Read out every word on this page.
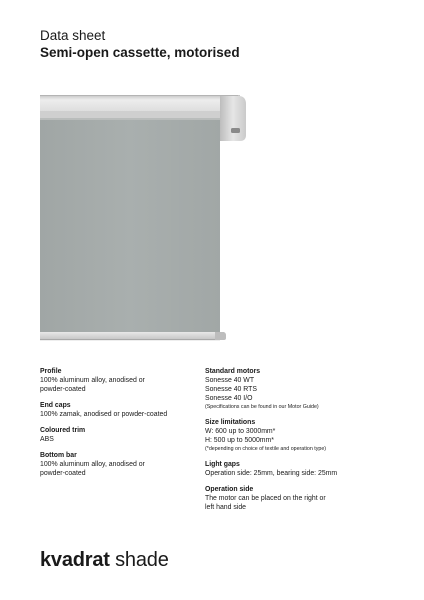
Data sheet
Semi-open cassette, motorised
Profile
100% aluminum alloy, anodised or
powder-coated
End caps
100% zamak, anodised or powder-coated
Coloured trim
ABS
Bottom bar
100% aluminum alloy, anodised or
powder-coated
Standard motors
Sonesse 40 WT
Sonesse 40 RTS
Sonesse 40 I/O
(Specifications can be found in our Motor Guide)
Size limitations
W: 600 up to 3000mm*
H: 500 up to 5000mm*
(*depending on choice of textile and operation type)
Light gaps
Operation side: 25mm, bearing side: 25mm
Operation side
The motor can be placed on the right or
left hand side
kvadrat shade
